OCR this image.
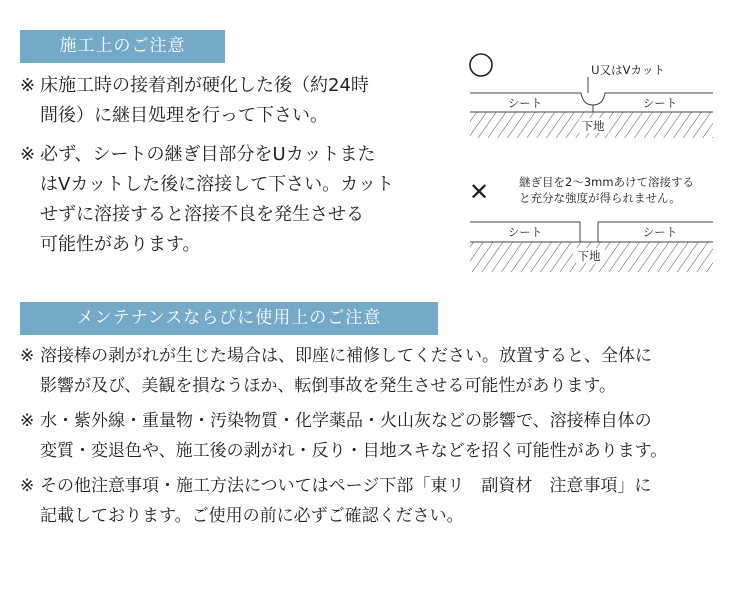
施工上のご注意
※ 床施工時の接着剤が硬化した後（約24時
間後）に継目処理を行って下さい。
※ 必ず、シートの継ぎ目部分をUカットまた
はVカットした後に溶接して下さい。カット
せずに溶接すると溶接不良を発生させる
可能性があります。
U又はVカット
シート	シート
下地
✕	継ぎ目を2〜3mmあけて溶接する
と充分な強度が得られません。
シート	シート
下地
メンテナンスならびに使用上のご注意
※ 溶接棒の剥がれが生じた場合は、即座に補修してください。放置すると、全体に
影響が及び、美観を損なうほか、転倒事故を発生させる可能性があります。
※ 水・紫外線・重量物・汚染物質・化学薬品・火山灰などの影響で、溶接棒自体の
変質・変退色や、施工後の剥がれ・反り・目地スキなどを招く可能性があります。
※ その他注意事項・施工方法についてはページ下部「東リ　副資材　注意事項」に
記載しております。ご使用の前に必ずご確認ください。
